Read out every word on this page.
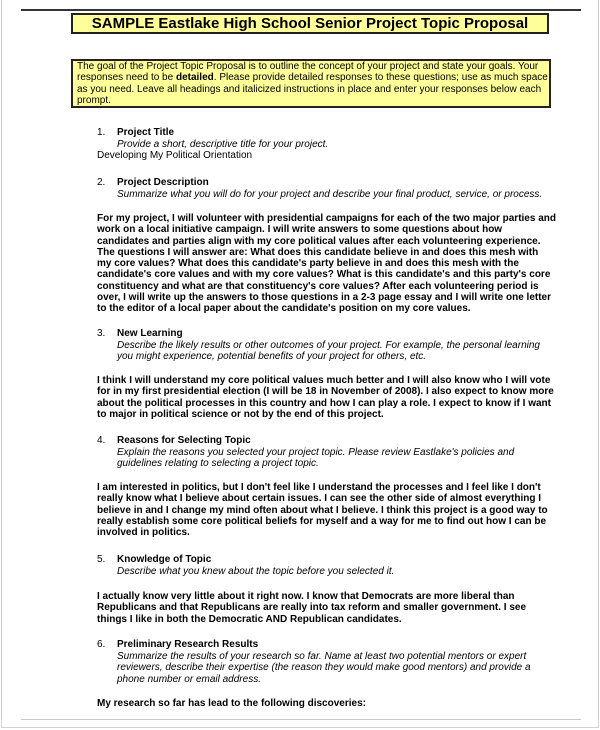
SAMPLE Eastlake High School Senior Project Topic Proposal
The goal of the Project Topic Proposal is to outline the concept of your project and state your goals. Your
responses need to be detailed. Please provide detailed responses to these questions; use as much space
as you need. Leave all headings and italicized instructions in place and enter your responses below each
prompt.
1. Project Title
Provide a short, descriptive title for your project.
Developing My Political Orientation
2. Project Description
Summarize what you will do for your project and describe your final product, service, or process.
For my project, I will volunteer with presidential campaigns for each of the two major parties and
work on a local initiative campaign. I will write answers to some questions about how
candidates and parties align with my core political values after each volunteering experience.
The questions I will answer are: What does this candidate believe in and does this mesh with
my core values? What does this candidate's party believe in and does this mesh with the
candidate's core values and with my core values? What is this candidate's and this party's core
constituency and what are that constituency's core values? After each volunteering period is
over, I will write up the answers to those questions in a 2-3 page essay and I will write one letter
to the editor of a local paper about the candidate's position on my core values.
3. New Learning
Describe the likely results or other outcomes of your project. For example, the personal learning
you might experience, potential benefits of your project for others, etc.
I think I will understand my core political values much better and I will also know who I will vote
for in my first presidential election (I will be 18 in November of 2008). I also expect to know more
about the political processes in this country and how I can play a role. I expect to know if I want
to major in political science or not by the end of this project.
4. Reasons for Selecting Topic
Explain the reasons you selected your project topic. Please review Eastlake's policies and
guidelines relating to selecting a project topic.
I am interested in politics, but I don't feel like I understand the processes and I feel like I don't
really know what I believe about certain issues. I can see the other side of almost everything I
believe in and I change my mind often about what I believe. I think this project is a good way to
really establish some core political beliefs for myself and a way for me to find out how I can be
involved in politics.
5. Knowledge of Topic
Describe what you knew about the topic before you selected it.
I actually know very little about it right now. I know that Democrats are more liberal than
Republicans and that Republicans are really into tax reform and smaller government. I see
things I like in both the Democratic AND Republican candidates.
6. Preliminary Research Results
Summarize the results of your research so far. Name at least two potential mentors or expert
reviewers, describe their expertise (the reason they would make good mentors) and provide a
phone number or email address.
My research so far has lead to the following discoveries:
